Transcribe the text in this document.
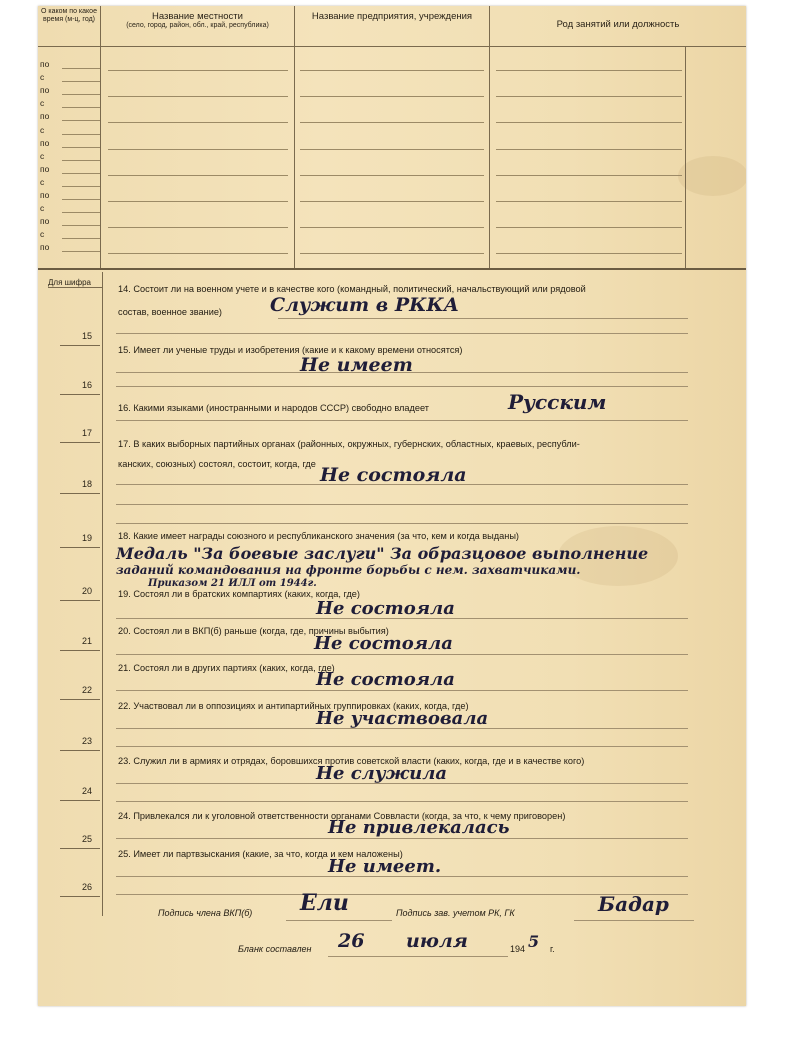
О каком по какое время (м-ц, год)	Название местности
(село, город, район, обл., край, республика)
Название предприятия, учреждения
Род занятий или должность
по
с
по
с
по
с
по
с
по
с
по
с
по
с
по
Для шифра
15
16
17
18
19
20
21
22
23
24
25
26
14. Состоит ли на военном учете и в качестве кого (командный, политический, начальствующий или рядовой
состав, военное звание)	Служит в РККА
15. Имеет ли ученые труды и изобретения (какие и к какому времени относятся)
Не имеет
16. Какими языками (иностранными и народов СССР) свободно владеет	Русским
17. В каких выборных партийных органах (районных, окружных, губернских, областных, краевых, республи-
канских, союзных) состоял, состоит, когда, где Не состояла
18. Какие имеет награды союзного и республиканского значения (за что, кем и когда выданы)
Медаль "За боевые заслуги" За образцовое выполнение
заданий командования на фронте борьбы с нем. захватчиками.
Приказом 21 ИЛЛ от 1944г.
19. Состоял ли в братских компартиях (каких, когда, где)
Не состояла
20. Состоял ли в ВКП(б) раньше (когда, где, причины выбытия)
Не состояла
21. Состоял ли в других партиях (каких, когда, где)
Не состояла
22. Участвовал ли в оппозициях и антипартийных группировках (каких, когда, где)
Не участвовала
23. Служил ли в армиях и отрядах, боровшихся против советской власти (каких, когда, где и в качестве кого)
Не служила
24. Привлекался ли к уголовной ответственности органами Соввласти (когда, за что, к чему приговорен)
Не привлекалась
25. Имеет ли партвзыскания (какие, за что, когда и кем наложены)
Не имеет.
Подпись члена ВКП(б) Ели	Подпись зав. учетом РК, ГК	Бадар
Бланк составлен 26 июля	194 5 г.
